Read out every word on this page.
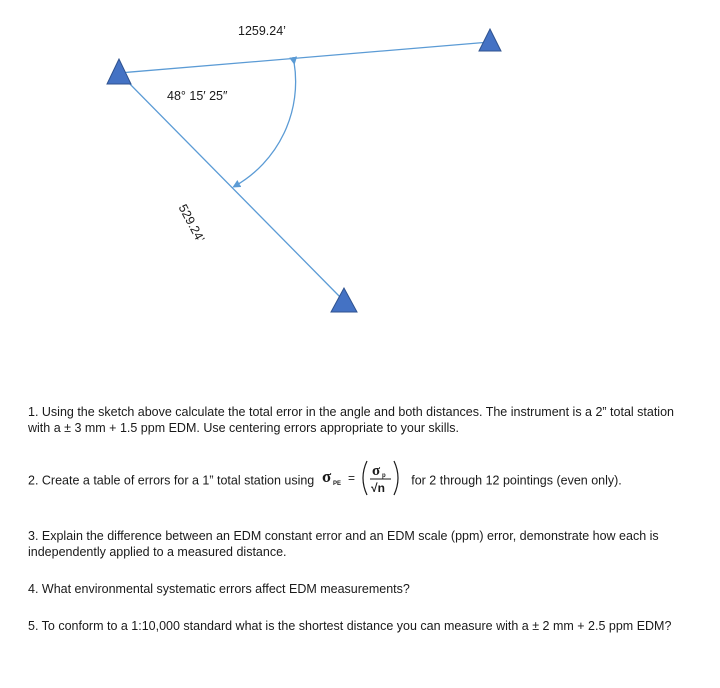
1259.24’
48° 15′ 25″
529.24’
1. Using the sketch above calculate the total error in the angle and both distances. The instrument is a 2” total station with a ± 3 mm + 1.5 ppm EDM. Use centering errors appropriate to your skills.
2. Create a table of errors for a 1” total station using σ PE = σ p
√n
for 2 through 12 pointings (even only).
3. Explain the difference between an EDM constant error and an EDM scale (ppm) error, demonstrate how each is independently applied to a measured distance.
4. What environmental systematic errors affect EDM measurements?
5. To conform to a 1:10,000 standard what is the shortest distance you can measure with a ± 2 mm + 2.5 ppm EDM?
